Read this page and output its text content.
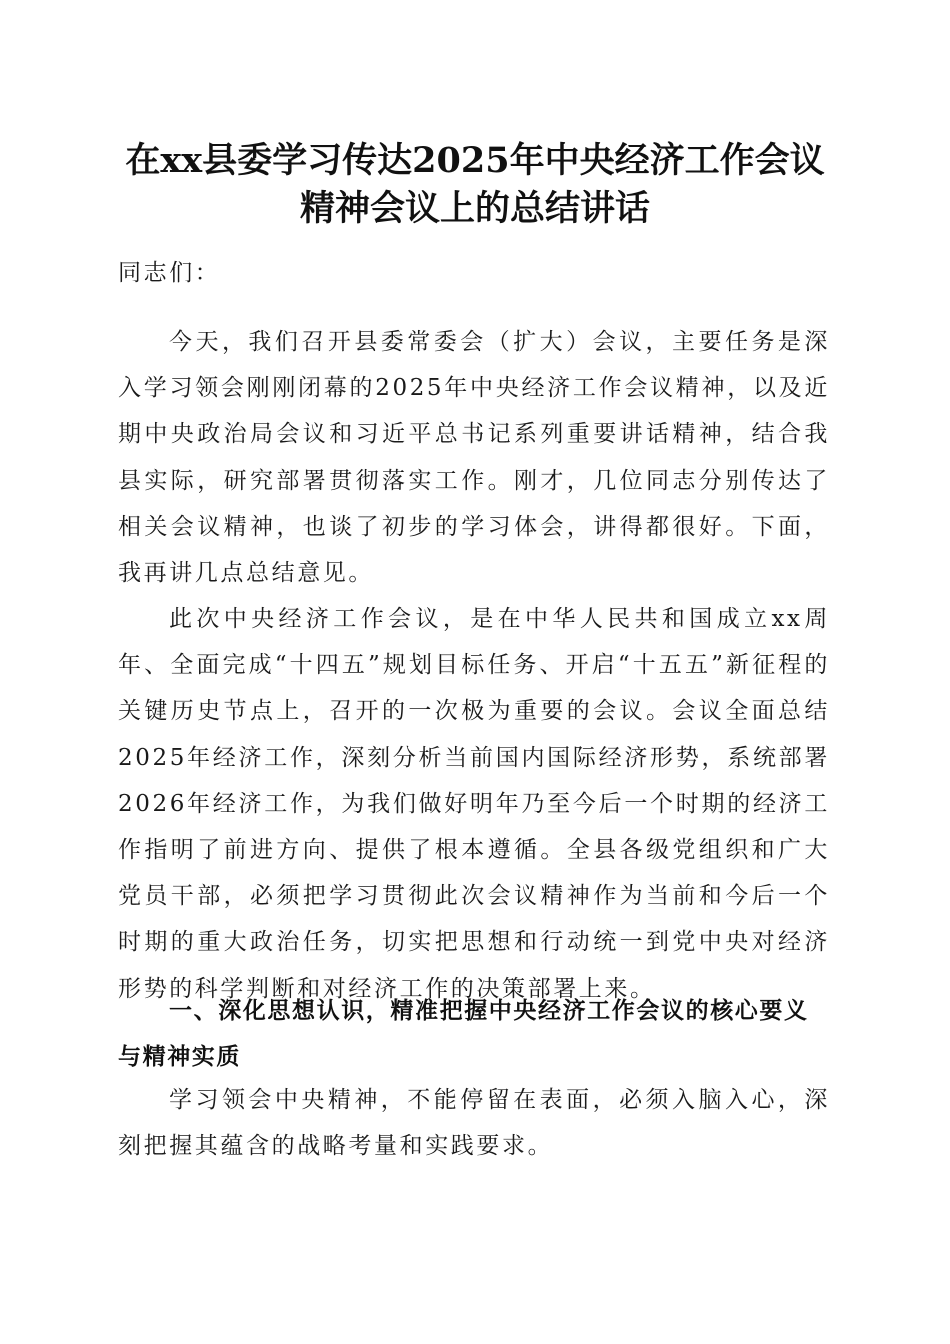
在xx县委学习传达2025年中央经济工作会议
精神会议上的总结讲话

同志们：

今天，我们召开县委常委会（扩大）会议，主要任务是深入学习领会刚刚闭幕的2025年中央经济工作会议精神，以及近期中央政治局会议和习近平总书记系列重要讲话精神，结合我县实际，研究部署贯彻落实工作。刚才，几位同志分别传达了相关会议精神，也谈了初步的学习体会，讲得都很好。下面，我再讲几点总结意见。

此次中央经济工作会议，是在中华人民共和国成立xx周年、全面完成“十四五”规划目标任务、开启“十五五”新征程的关键历史节点上，召开的一次极为重要的会议。会议全面总结2025年经济工作，深刻分析当前国内国际经济形势，系统部署2026年经济工作，为我们做好明年乃至今后一个时期的经济工作指明了前进方向、提供了根本遵循。全县各级党组织和广大党员干部，必须把学习贯彻此次会议精神作为当前和今后一个时期的重大政治任务，切实把思想和行动统一到党中央对经济形势的科学判断和对经济工作的决策部署上来。

一、深化思想认识，精准把握中央经济工作会议的核心要义与精神实质

学习领会中央精神，不能停留在表面，必须入脑入心，深刻把握其蕴含的战略考量和实践要求。
